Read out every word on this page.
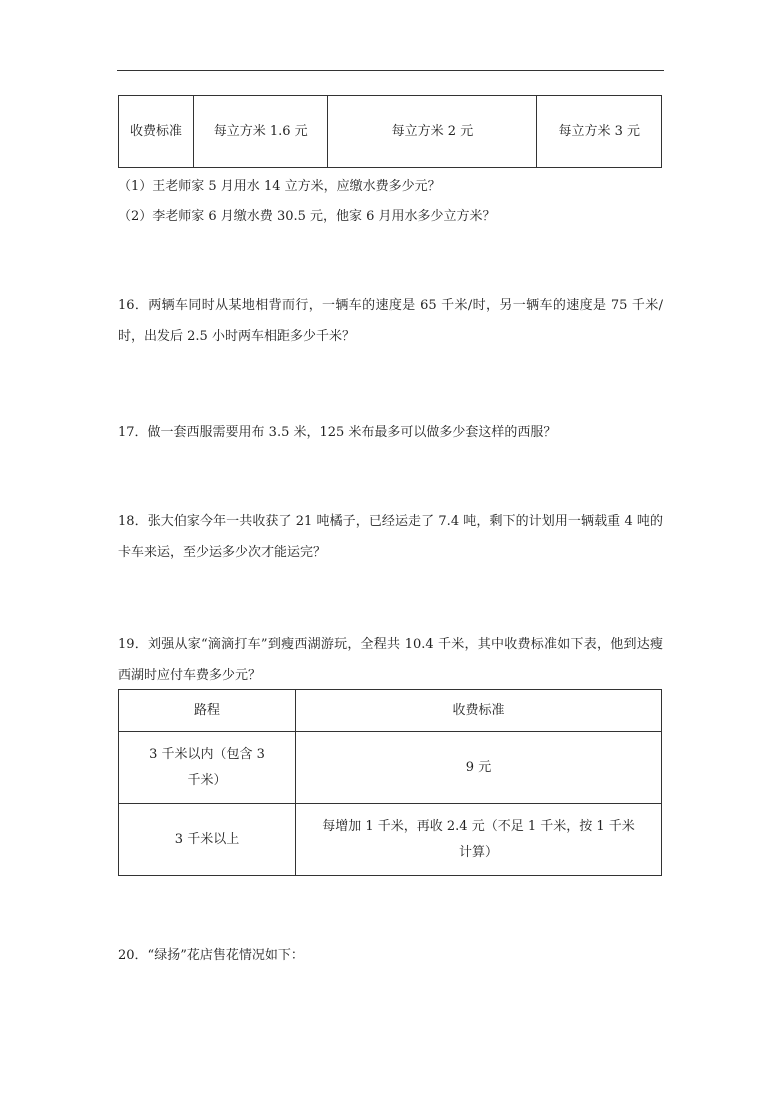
收费标准	每立方米 1.6 元	每立方米 2 元	每立方米 3 元
（1）王老师家 5 月用水 14 立方米，应缴水费多少元？
（2）李老师家 6 月缴水费 30.5 元，他家 6 月用水多少立方米？
16．两辆车同时从某地相背而行，一辆车的速度是 65 千米/时，另一辆车的速度是 75 千米/时，出发后 2.5 小时两车相距多少千米？
17．做一套西服需要用布 3.5 米，125 米布最多可以做多少套这样的西服？
18．张大伯家今年一共收获了 21 吨橘子，已经运走了 7.4 吨，剩下的计划用一辆载重 4 吨的卡车来运，至少运多少次才能运完？
19．刘强从家“滴滴打车”到瘦西湖游玩，全程共 10.4 千米，其中收费标准如下表，他到达瘦西湖时应付车费多少元？
路程	收费标准
3 千米以内（包含 3 千米）	9 元
3 千米以上	每增加 1 千米，再收 2.4 元（不足 1 千米，按 1 千米计算）
20．“绿扬”花店售花情况如下：
